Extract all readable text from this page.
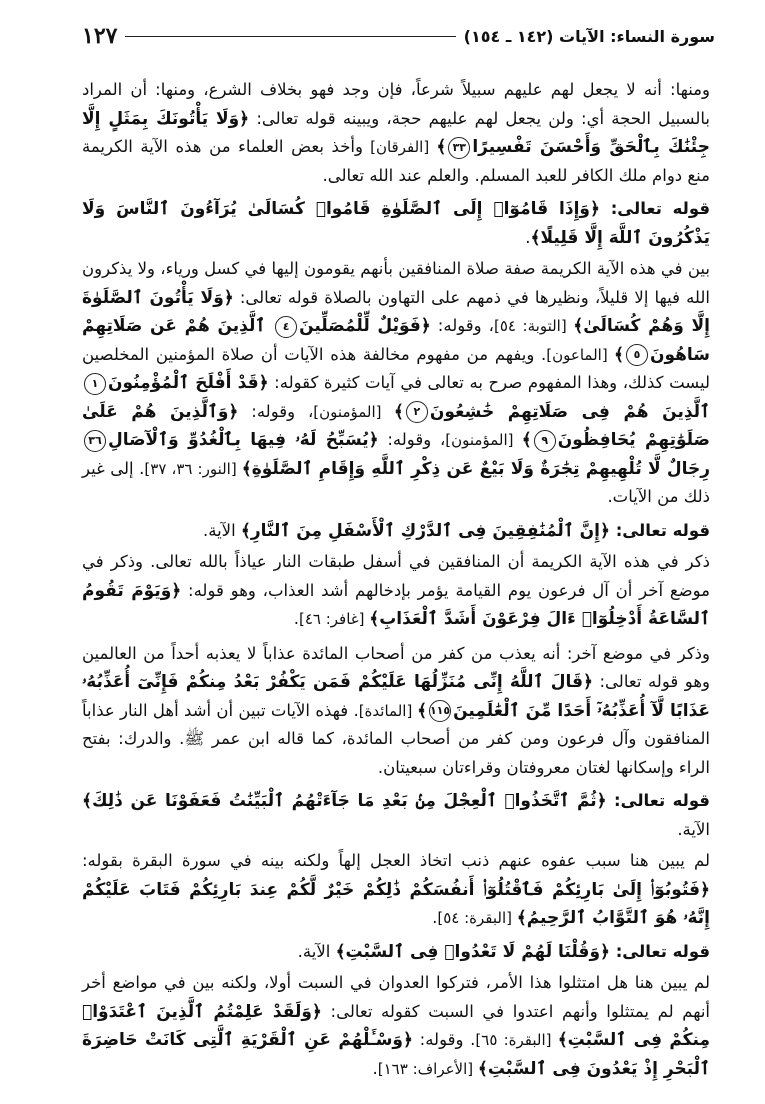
سورة النساء: الآيات (١٤٢ ـ ١٥٤)
١٢٧

ومنها: أنه لا يجعل لهم عليهم سبيلاً شرعاً، فإن وجد فهو بخلاف الشرع، ومنها: أن المراد بالسبيل الحجة أي: ولن يجعل لهم عليهم حجة، ويبينه قوله تعالى: ﴿وَلَا يَأْتُونَكَ بِمَثَلٍ إِلَّا جِئْنَٰكَ بِٱلْحَقِّ وَأَحْسَنَ تَفْسِيرًا٣٣﴾ [الفرقان] وأخذ بعض العلماء من هذه الآية الكريمة منع دوام ملك الكافر للعبد المسلم. والعلم عند الله تعالى.

قوله تعالى: ﴿وَإِذَا قَامُوٓا۟ إِلَى ٱلصَّلَوٰةِ قَامُوا۟ كُسَالَىٰ يُرَآءُونَ ٱلنَّاسَ وَلَا يَذْكُرُونَ ٱللَّهَ إِلَّا قَلِيلًا﴾.

بين في هذه الآية الكريمة صفة صلاة المنافقين بأنهم يقومون إليها في كسل ورياء، ولا يذكرون الله فيها إلا قليلاً، ونظيرها في ذمهم على التهاون بالصلاة قوله تعالى: ﴿وَلَا يَأْتُونَ ٱلصَّلَوٰةَ إِلَّا وَهُمْ كُسَالَىٰ﴾ [التوبة: ٥٤]، وقوله: ﴿فَوَيْلٌ لِّلْمُصَلِّينَ٤ ٱلَّذِينَ هُمْ عَن صَلَاتِهِمْ سَاهُونَ٥﴾ [الماعون]. ويفهم من مفهوم مخالفة هذه الآيات أن صلاة المؤمنين المخلصين ليست كذلك، وهذا المفهوم صرح به تعالى في آيات كثيرة كقوله: ﴿قَدْ أَفْلَحَ ٱلْمُؤْمِنُونَ١ ٱلَّذِينَ هُمْ فِى صَلَاتِهِمْ خَٰشِعُونَ٢﴾ [المؤمنون]، وقوله: ﴿وَٱلَّذِينَ هُمْ عَلَىٰ صَلَوَٰتِهِمْ يُحَافِظُونَ٩﴾ [المؤمنون]، وقوله: ﴿يُسَبِّحُ لَهُۥ فِيهَا بِٱلْغُدُوِّ وَٱلْآصَالِ٣٦ رِجَالٌ لَّا تُلْهِيهِمْ تِجَٰرَةٌ وَلَا بَيْعٌ عَن ذِكْرِ ٱللَّهِ وَإِقَامِ ٱلصَّلَوٰةِ﴾ [النور: ٣٦، ٣٧]. إلى غير ذلك من الآيات.

قوله تعالى: ﴿إِنَّ ٱلْمُنَٰفِقِينَ فِى ٱلدَّرْكِ ٱلْأَسْفَلِ مِنَ ٱلنَّارِ﴾ الآية.

ذكر في هذه الآية الكريمة أن المنافقين في أسفل طبقات النار عياذاً بالله تعالى. وذكر في موضع آخر أن آل فرعون يوم القيامة يؤمر بإدخالهم أشد العذاب، وهو قوله: ﴿وَيَوْمَ تَقُومُ ٱلسَّاعَةُ أَدْخِلُوٓا۟ ءَالَ فِرْعَوْنَ أَشَدَّ ٱلْعَذَابِ﴾ [غافر: ٤٦].

وذكر في موضع آخر: أنه يعذب من كفر من أصحاب المائدة عذاباً لا يعذبه أحداً من العالمين وهو قوله تعالى: ﴿قَالَ ٱللَّهُ إِنِّى مُنَزِّلُهَا عَلَيْكُمْ فَمَن يَكْفُرْ بَعْدُ مِنكُمْ فَإِنِّىٓ أُعَذِّبُهُۥ عَذَابًا لَّآ أُعَذِّبُهُۥٓ أَحَدًا مِّنَ ٱلْعَٰلَمِينَ١١٥﴾ [المائدة]. فهذه الآيات تبين أن أشد أهل النار عذاباً المنافقون وآل فرعون ومن كفر من أصحاب المائدة، كما قاله ابن عمر ﷺ. والدرك: بفتح الراء وإسكانها لغتان معروفتان وقراءتان سبعيتان.

قوله تعالى: ﴿ثُمَّ ٱتَّخَذُوا۟ ٱلْعِجْلَ مِنۢ بَعْدِ مَا جَآءَتْهُمُ ٱلْبَيِّنَٰتُ فَعَفَوْنَا عَن ذَٰلِكَ﴾ الآية.

لم يبين هنا سبب عفوه عنهم ذنب اتخاذ العجل إلهاً ولكنه بينه في سورة البقرة بقوله: ﴿فَتُوبُوٓا۟ إِلَىٰ بَارِئِكُمْ فَٱقْتُلُوٓا۟ أَنفُسَكُمْ ذَٰلِكُمْ خَيْرٌ لَّكُمْ عِندَ بَارِئِكُمْ فَتَابَ عَلَيْكُمْ إِنَّهُۥ هُوَ ٱلتَّوَّابُ ٱلرَّحِيمُ﴾ [البقرة: ٥٤].

قوله تعالى: ﴿وَقُلْنَا لَهُمْ لَا تَعْدُوا۟ فِى ٱلسَّبْتِ﴾ الآية.

لم يبين هنا هل امتثلوا هذا الأمر، فتركوا العدوان في السبت أولا، ولكنه بين في مواضع أخر أنهم لم يمتثلوا وأنهم اعتدوا في السبت كقوله تعالى: ﴿وَلَقَدْ عَلِمْتُمُ ٱلَّذِينَ ٱعْتَدَوْا۟ مِنكُمْ فِى ٱلسَّبْتِ﴾ [البقرة: ٦٥]. وقوله: ﴿وَسْـَٔلْهُمْ عَنِ ٱلْقَرْيَةِ ٱلَّتِى كَانَتْ حَاضِرَةَ ٱلْبَحْرِ إِذْ يَعْدُونَ فِى ٱلسَّبْتِ﴾ [الأعراف: ١٦٣].
